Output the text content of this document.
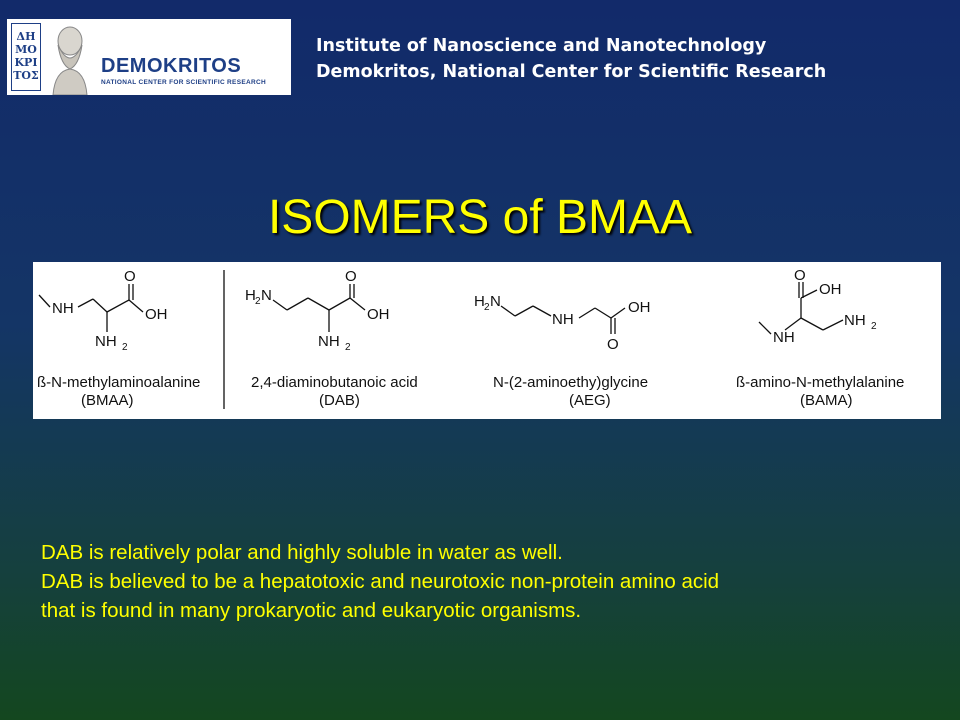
ΔΗ
ΜΟ
ΚΡΙ
ΤΟΣ	DEMOKRITOS
NATIONAL CENTER FOR SCIENTIFIC RESEARCH
Institute of Nanoscience and Nanotechnology
Demokritos, National Center for Scientific Research
ISOMERS of BMAA
O
NH	OH
NH 2
H 2 N
O
OH
NH 2
H 2 N
NH
OH
O
O
OH
NH
NH 2
ß-N-methylaminoalanine
(BMAA)
2,4-diaminobutanoic acid
(DAB)
N-(2-aminoethy)glycine
(AEG)
ß-amino-N-methylalanine
(BAMA)
DAB is relatively polar and highly soluble in water as well.
DAB is believed to be a hepatotoxic and neurotoxic non-protein amino acid
that is found in many prokaryotic and eukaryotic organisms.
